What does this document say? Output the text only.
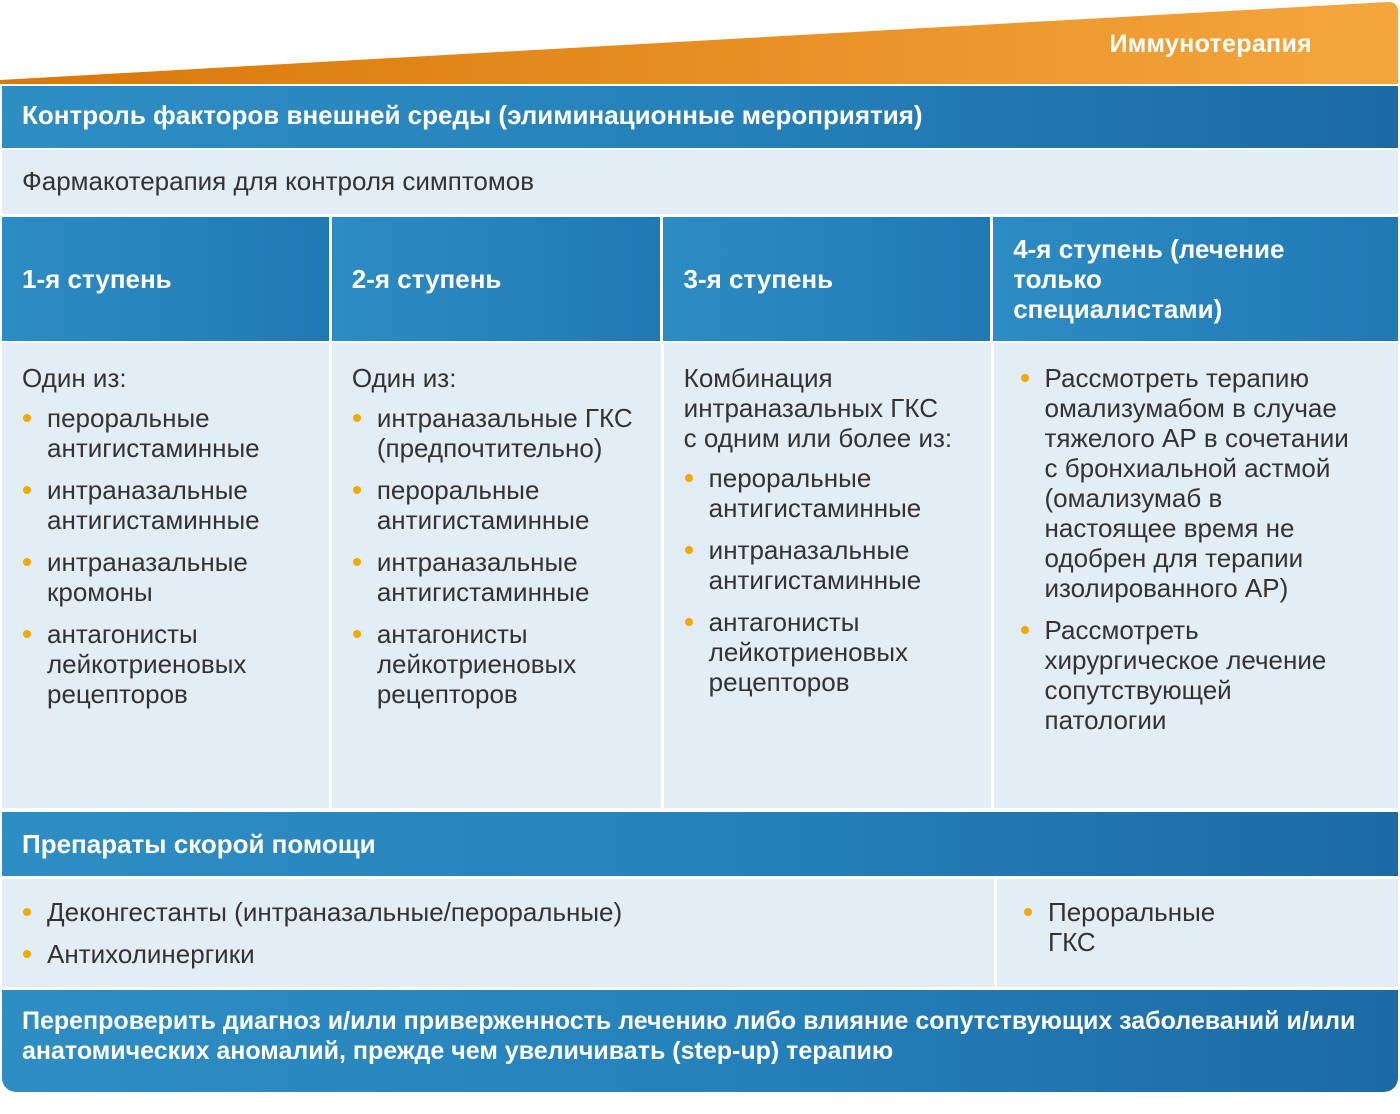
Иммунотерапия
Контроль факторов внешней среды (элиминационные мероприятия)
Фармакотерапия для контроля симптомов
1-я ступень	2-я ступень	3-я ступень
4-я ступень (лечение только специалистами)
Один из:
пероральные антигистаминные
интраназальные антигистаминные
интраназальные кромоны
антагонисты лейкотриеновых рецепторов
Один из:
интраназальные ГКС (предпочтительно)
пероральные антигистаминные
интраназальные антигистаминные
антагонисты лейкотриеновых рецепторов
Комбинация интраназальных ГКС с одним или более из:
пероральные антигистаминные
интраназальные антигистаминные
антагонисты лейкотриеновых рецепторов
Рассмотреть терапию омализумабом в случае тяжелого АР в сочетании с бронхиальной астмой (омализумаб в настоящее время не одобрен для терапии изолированного АР)
Рассмотреть хирургическое лечение сопутствующей патологии
Препараты скорой помощи
Деконгестанты (интраназальные/пероральные)
Антихолинергики
Пероральные ГКС
Перепроверить диагноз и/или приверженность лечению либо влияние сопутствующих заболеваний и/или анатомических аномалий, прежде чем увеличивать (step-up) терапию
